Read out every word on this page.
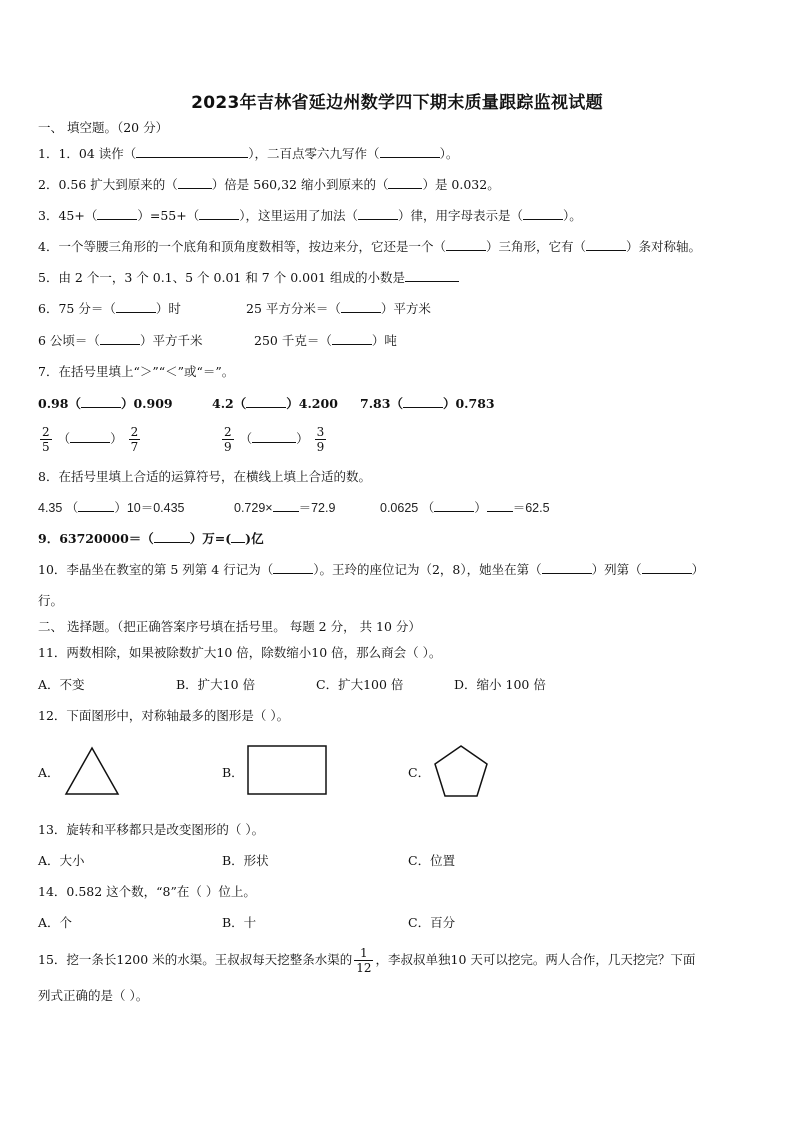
2023年吉林省延边州数学四下期末质量跟踪监视试题
一、 填空题。（20 分）
1．1．04 读作（	），二百点零六九写作（	）。
2．0.56 扩大到原来的（	）倍是 560,32 缩小到原来的（	）是 0.032。
3．45+（	）=55+（	），这里运用了加法（	）律，用字母表示是（	）。
4．一个等腰三角形的一个底角和顶角度数相等，按边来分，它还是一个（	）三角形，它有（	）条对称轴。
5．由 2 个一，3 个 0.1、5 个 0.01 和 7 个 0.001 组成的小数是
6．75 分＝（	）时	25 平方分米＝（	）平方米
6 公顷＝（	）平方千米	250 千克＝（	）吨
7．在括号里填上“＞”“＜”或“＝”。
0.98（	）0.909	4.2（	）4.200 7.83（	）0.783
$\frac{2}{5}$ （	） $\frac{2}{7}$	$\frac{2}{9}$ （	） $\frac{3}{9}$
8．在括号里填上合适的运算符号，在横线上填上合适的数。
4.35 （	）10＝0.435	0.729× ＝72.9	0.0625 （	） ＝62.5
9．63720000＝（	）万=( )亿
10．李晶坐在教室的第 5 列第 4 行记为（	）。王玲的座位记为（2，8），她坐在第（	）列第（	）
行。
二、 选择题。（把正确答案序号填在括号里。 每题 2 分， 共 10 分）
11．两数相除，如果被除数扩大10 倍，除数缩小10 倍，那么商会（ ）。
A．不变	B．扩大10 倍	C．扩大100 倍	D．缩小 100 倍
12．下面图形中，对称轴最多的图形是（ ）。
A．	B．	C．
13．旋转和平移都只是改变图形的（ ）。
A．大小	B．形状	C．位置
14．0.582 这个数，“8”在（ ）位上。
A．个	B．十	C．百分
15．挖一条长1200 米的水渠。王叔叔每天挖整条水渠的 $\frac{1}{12}$ ，李叔叔单独10 天可以挖完。两人合作，几天挖完？下面
列式正确的是（ ）。
